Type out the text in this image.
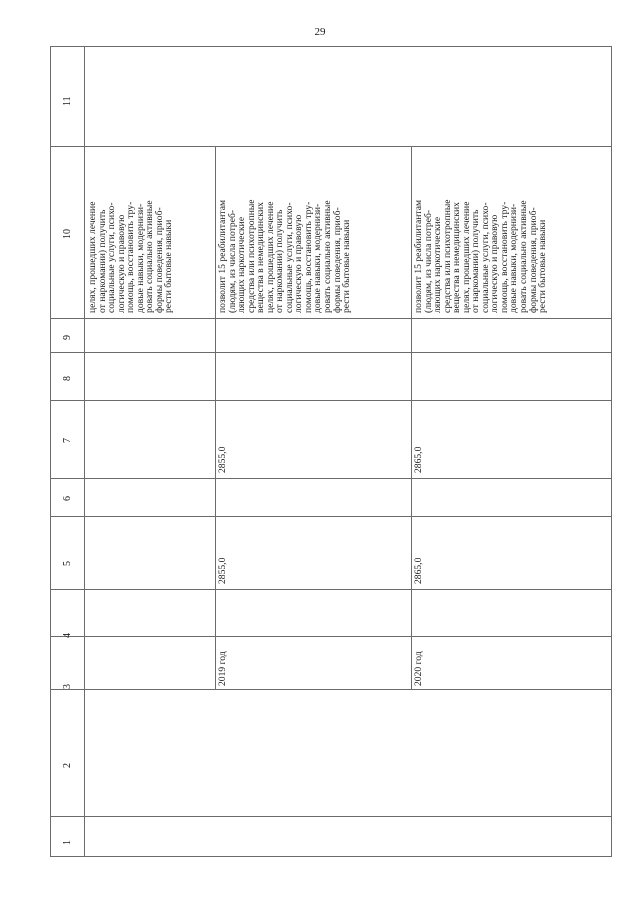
29
1
2
3
4
5
6
7
8
9
10
11
целях, прошедших лечение
от наркомании) получить
социальные услуги, психо-
логическую и правовую
помощь, восстановить тру-
довые навыки, модернизи-
ровать социально активные
формы поведения, приоб-
рести бытовые навыки
2019 год
2855,0
2855,0
позволит 15 реабилитантам
(людям, из числа потреб-
ляющих наркотические
средства или психотропные
вещества в немедицинских
целях, прошедших лечение
от наркомании) получить
социальные услуги, психо-
логическую и правовую
помощь, восстановить тру-
довые навыки, модернизи-
ровать социально активные
формы поведения, приоб-
рести бытовые навыки
2020 год
2865,0
2865,0
позволит 15 реабилитантам
(людям, из числа потреб-
ляющих наркотические
средства или психотропные
вещества в немедицинских
целях, прошедших лечение
от наркомании) получить
социальные услуги, психо-
логическую и правовую
помощь, восстановить тру-
довые навыки, модернизи-
ровать социально активные
формы поведения, приоб-
рести бытовые навыки
